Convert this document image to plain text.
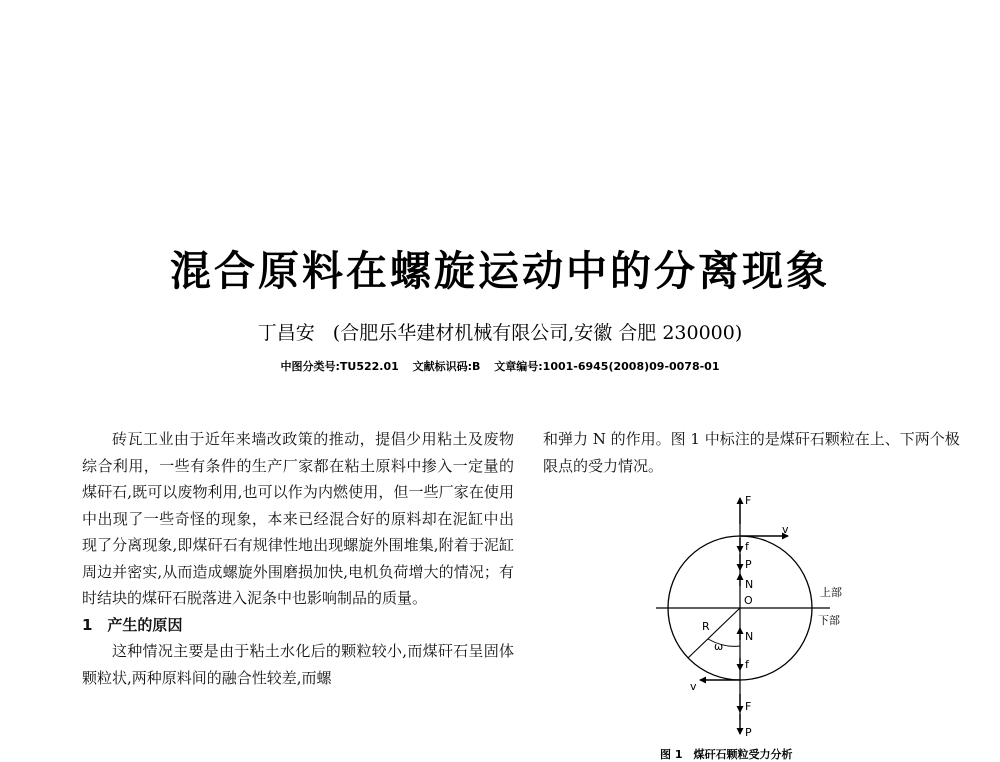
混合原料在螺旋运动中的分离现象
丁昌安 (合肥乐华建材机械有限公司,安徽 合肥 230000)
中图分类号:TU522.01 文献标识码:B 文章编号:1001-6945(2008)09-0078-01

砖瓦工业由于近年来墙改政策的推动，提倡少用粘土及废物综合利用，一些有条件的生产厂家都在粘土原料中掺入一定量的煤矸石,既可以废物利用,也可以作为内燃使用，但一些厂家在使用中出现了一些奇怪的现象，本来已经混合好的原料却在泥缸中出现了分离现象,即煤矸石有规律性地出现螺旋外围堆集,附着于泥缸周边并密实,从而造成螺旋外围磨损加快,电机负荷增大的情况；有时结块的煤矸石脱落进入泥条中也影响制品的质量。

1　产生的原因

这种情况主要是由于粘土水化后的颗粒较小,而煤矸石呈固体颗粒状,两种原料间的融合性较差,而螺

和弹力 N 的作用。图 1 中标注的是煤矸石颗粒在上、下两个极限点的受力情况。

F
v
f
P
N
上部
O
下部
R
ω
N
f
v
F
P
图 1　煤矸石颗粒受力分析
